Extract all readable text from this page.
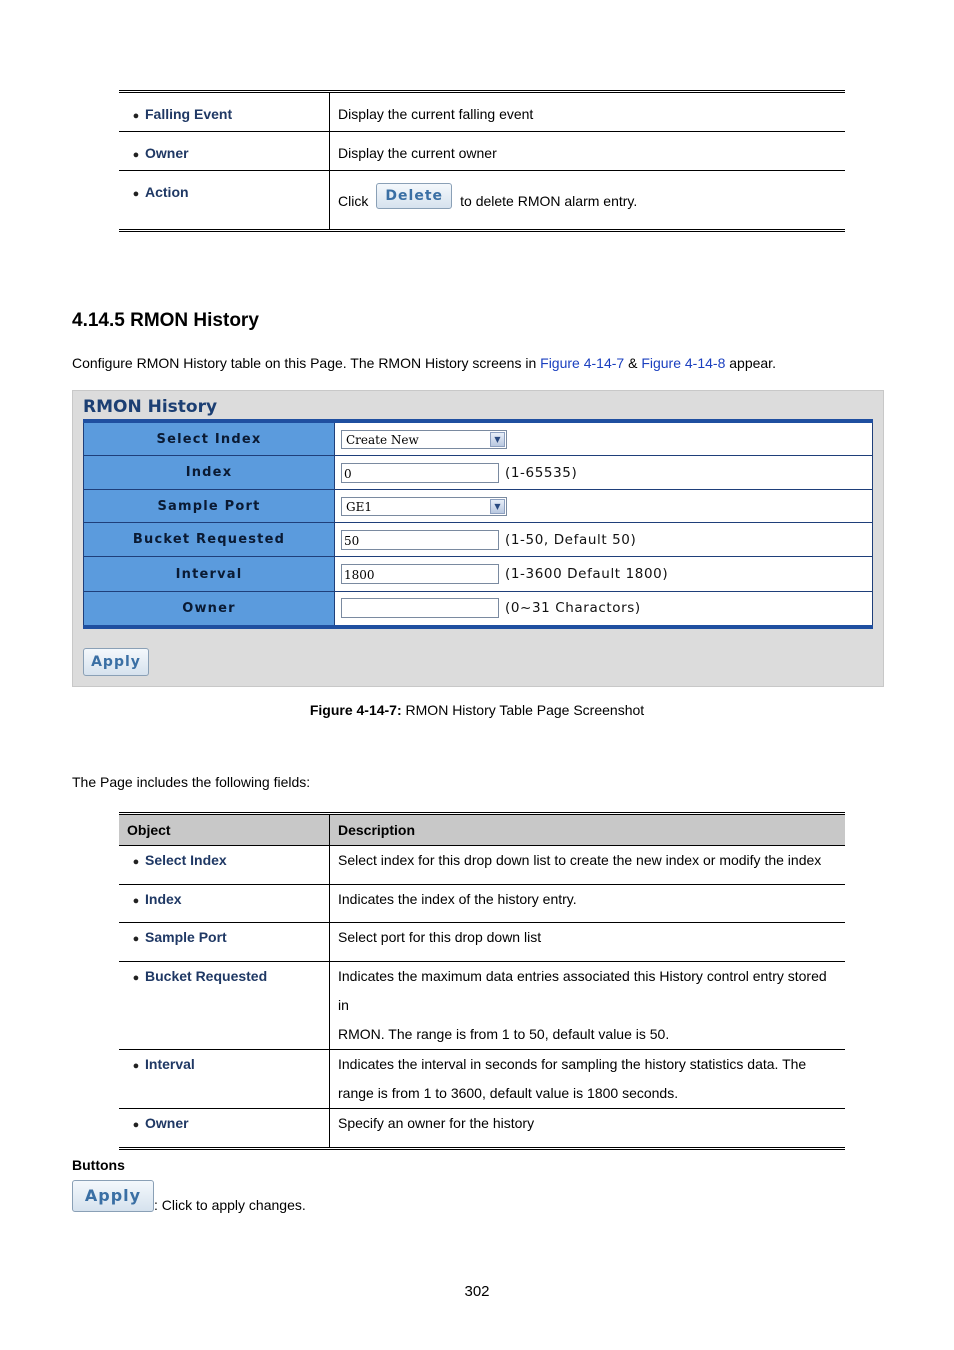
● Falling Event	Display the current falling event
● Owner	Display the current owner
● Action	Click Delete to delete RMON alarm entry.
4.14.5 RMON History
Configure RMON History table on this Page. The RMON History screens in Figure 4-14-7 & Figure 4-14-8 appear.
RMON History
Select Index	Create New ▼

Index	0 (1-65535)
Sample Port	GE1 ▼

Bucket Requested	50 (1-50, Default 50)
Interval	1800 (1-3600 Default 1800)
Owner	(0~31 Charactors)
Apply
Figure 4-14-7: RMON History Table Page Screenshot
The Page includes the following fields:
Object	Description
● Select Index	Select index for this drop down list to create the new index or modify the index

● Index	Indicates the index of the history entry.

● Sample Port	Select port for this drop down list

● Bucket Requested	Indicates the maximum data entries associated this History control entry stored in
RMON. The range is from 1 to 50, default value is 50.

● Interval	Indicates the interval in seconds for sampling the history statistics data. The
range is from 1 to 3600, default value is 1800 seconds.

● Owner	Specify an owner for the history
Buttons
Apply : Click to apply changes.
302
